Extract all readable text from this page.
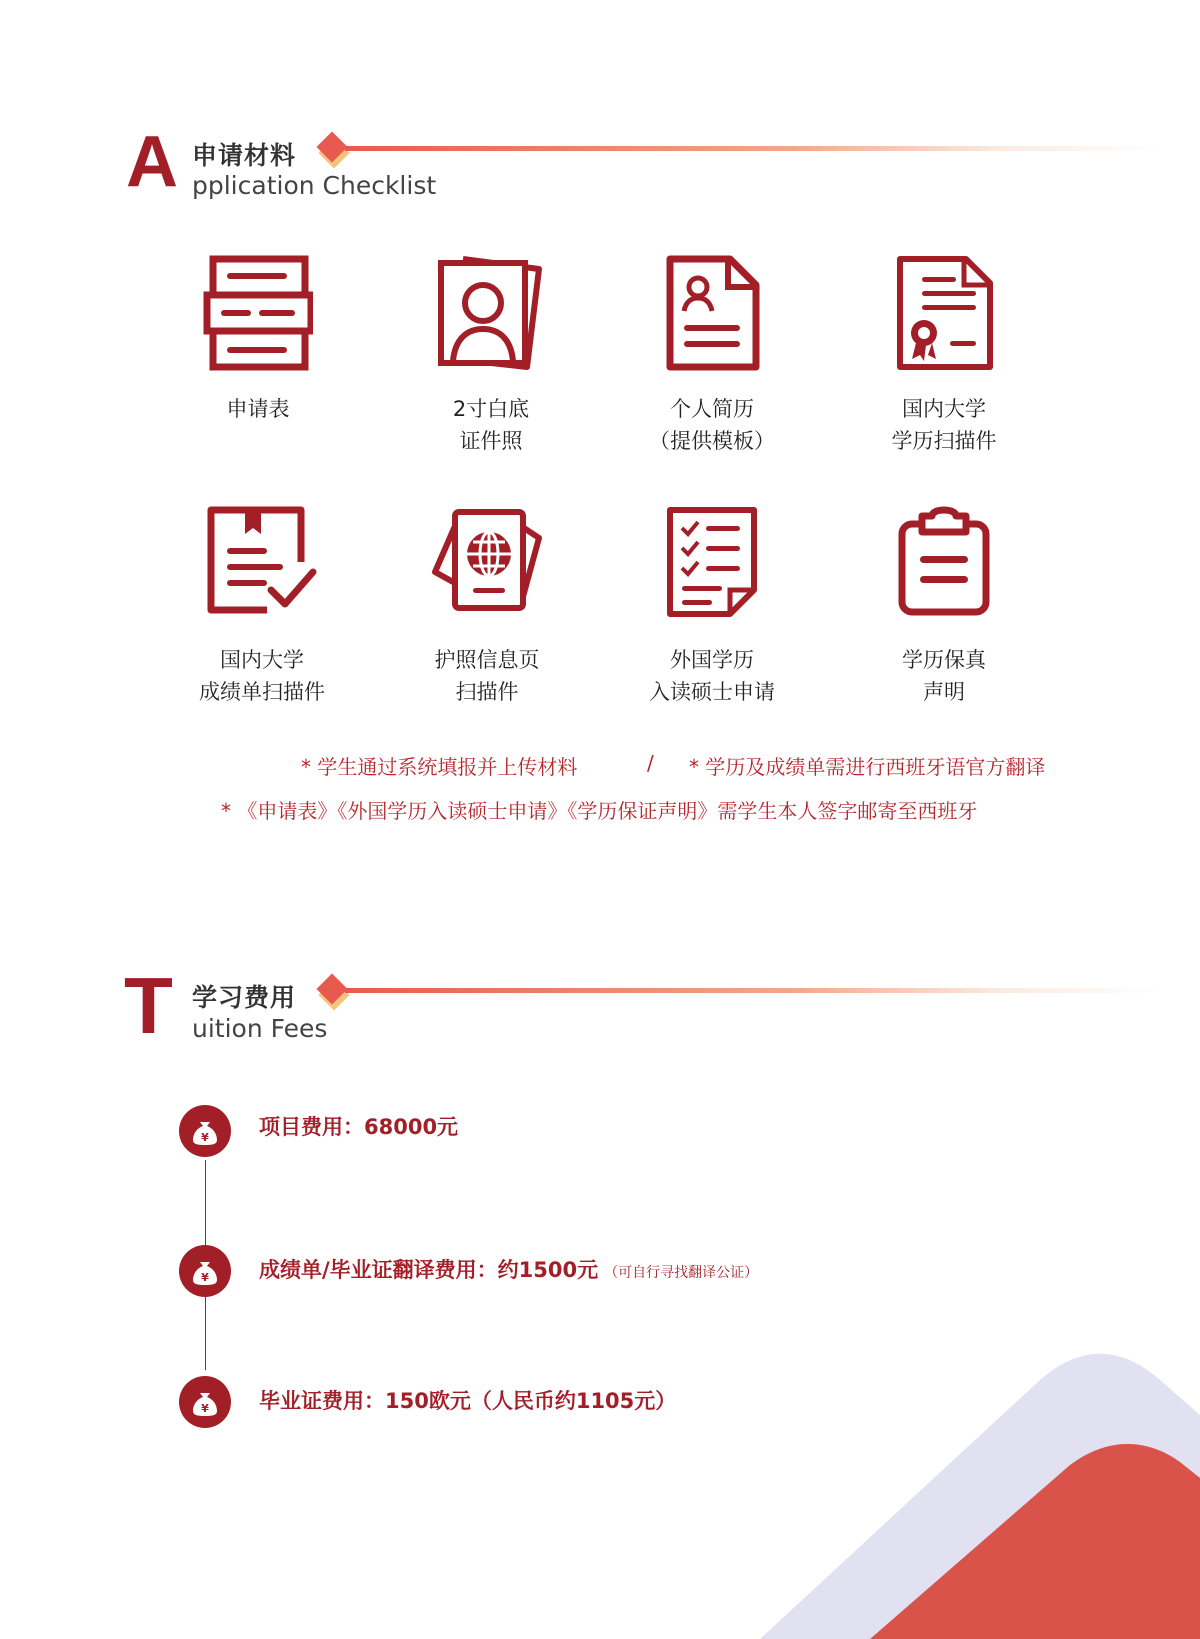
A 申请材料
pplication Checklist
申请表	2寸白底
证件照
个人简历
（提供模板）
国内大学
学历扫描件
国内大学
成绩单扫描件
护照信息页
扫描件
外国学历
入读硕士申请
学历保真
声明
* 学生通过系统填报并上传材料	/ * 学历及成绩单需进行西班牙语官方翻译
* 《申请表》《外国学历入读硕士申请》《学历保证声明》需学生本人签字邮寄至西班牙
T 学习费用
uition Fees
¥ 项目费用：68000元
¥ 成绩单/毕业证翻译费用：约1500元 （可自行寻找翻译公证）
¥ 毕业证费用：150欧元（人民币约1105元）
